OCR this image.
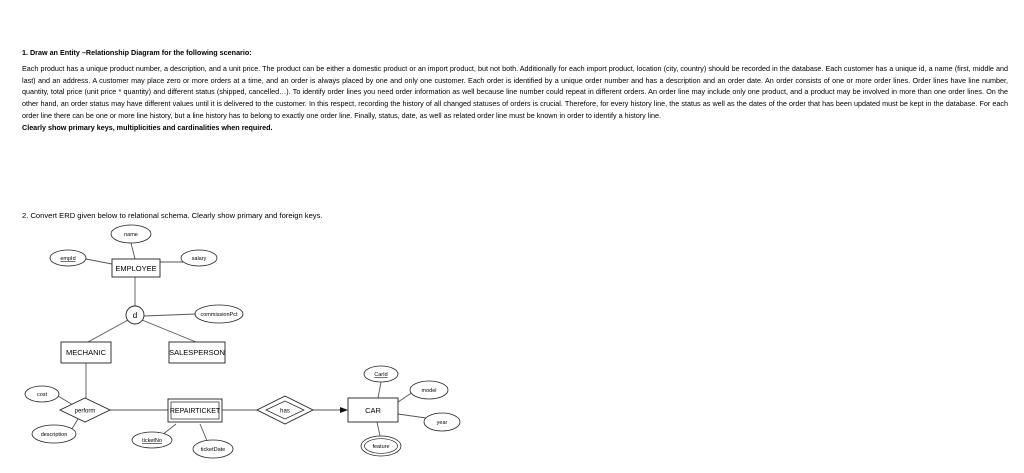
1. Draw an Entity –Relationship Diagram for the following scenario:
Each product has a unique product number, a description, and a unit price. The product can be either a domestic product or an import product, but not both. Additionally for each import product, location (city, country) should be recorded in the database. Each customer has a unique id, a name (first, middle and last) and an address. A customer may place zero or more orders at a time, and an order is always placed by one and only one customer. Each order is identified by a unique order number and has a description and an order date. An order consists of one or more order lines. Order lines have line number, quantity, total price (unit price * quantity) and different status (shipped, cancelled…). To identify order lines you need order information as well because line number could repeat in different orders. An order line may include only one product, and a product may be involved in more than one order lines. On the other hand, an order status may have different values until it is delivered to the customer. In this respect, recording the history of all changed statuses of orders is crucial. Therefore, for every history line, the status as well as the dates of the order that has been updated must be kept in the database. For each order line there can be one or more line history, but a line history has to belong to exactly one order line. Finally, status, date, as well as related order line must be known in order to identify a history line.
Clearly show primary keys, multiplicities and cardinalities when required.
2. Convert ERD given below to relational schema. Clearly show primary and foreign keys.
EMPLOYEE
MECHANIC	SALESPERSON
REPAIRTICKET	CAR
d
perform	has
name
empId	salary
commissionPct
cost
description
ticketNo
ticketDate
CarId
model
year
feature
